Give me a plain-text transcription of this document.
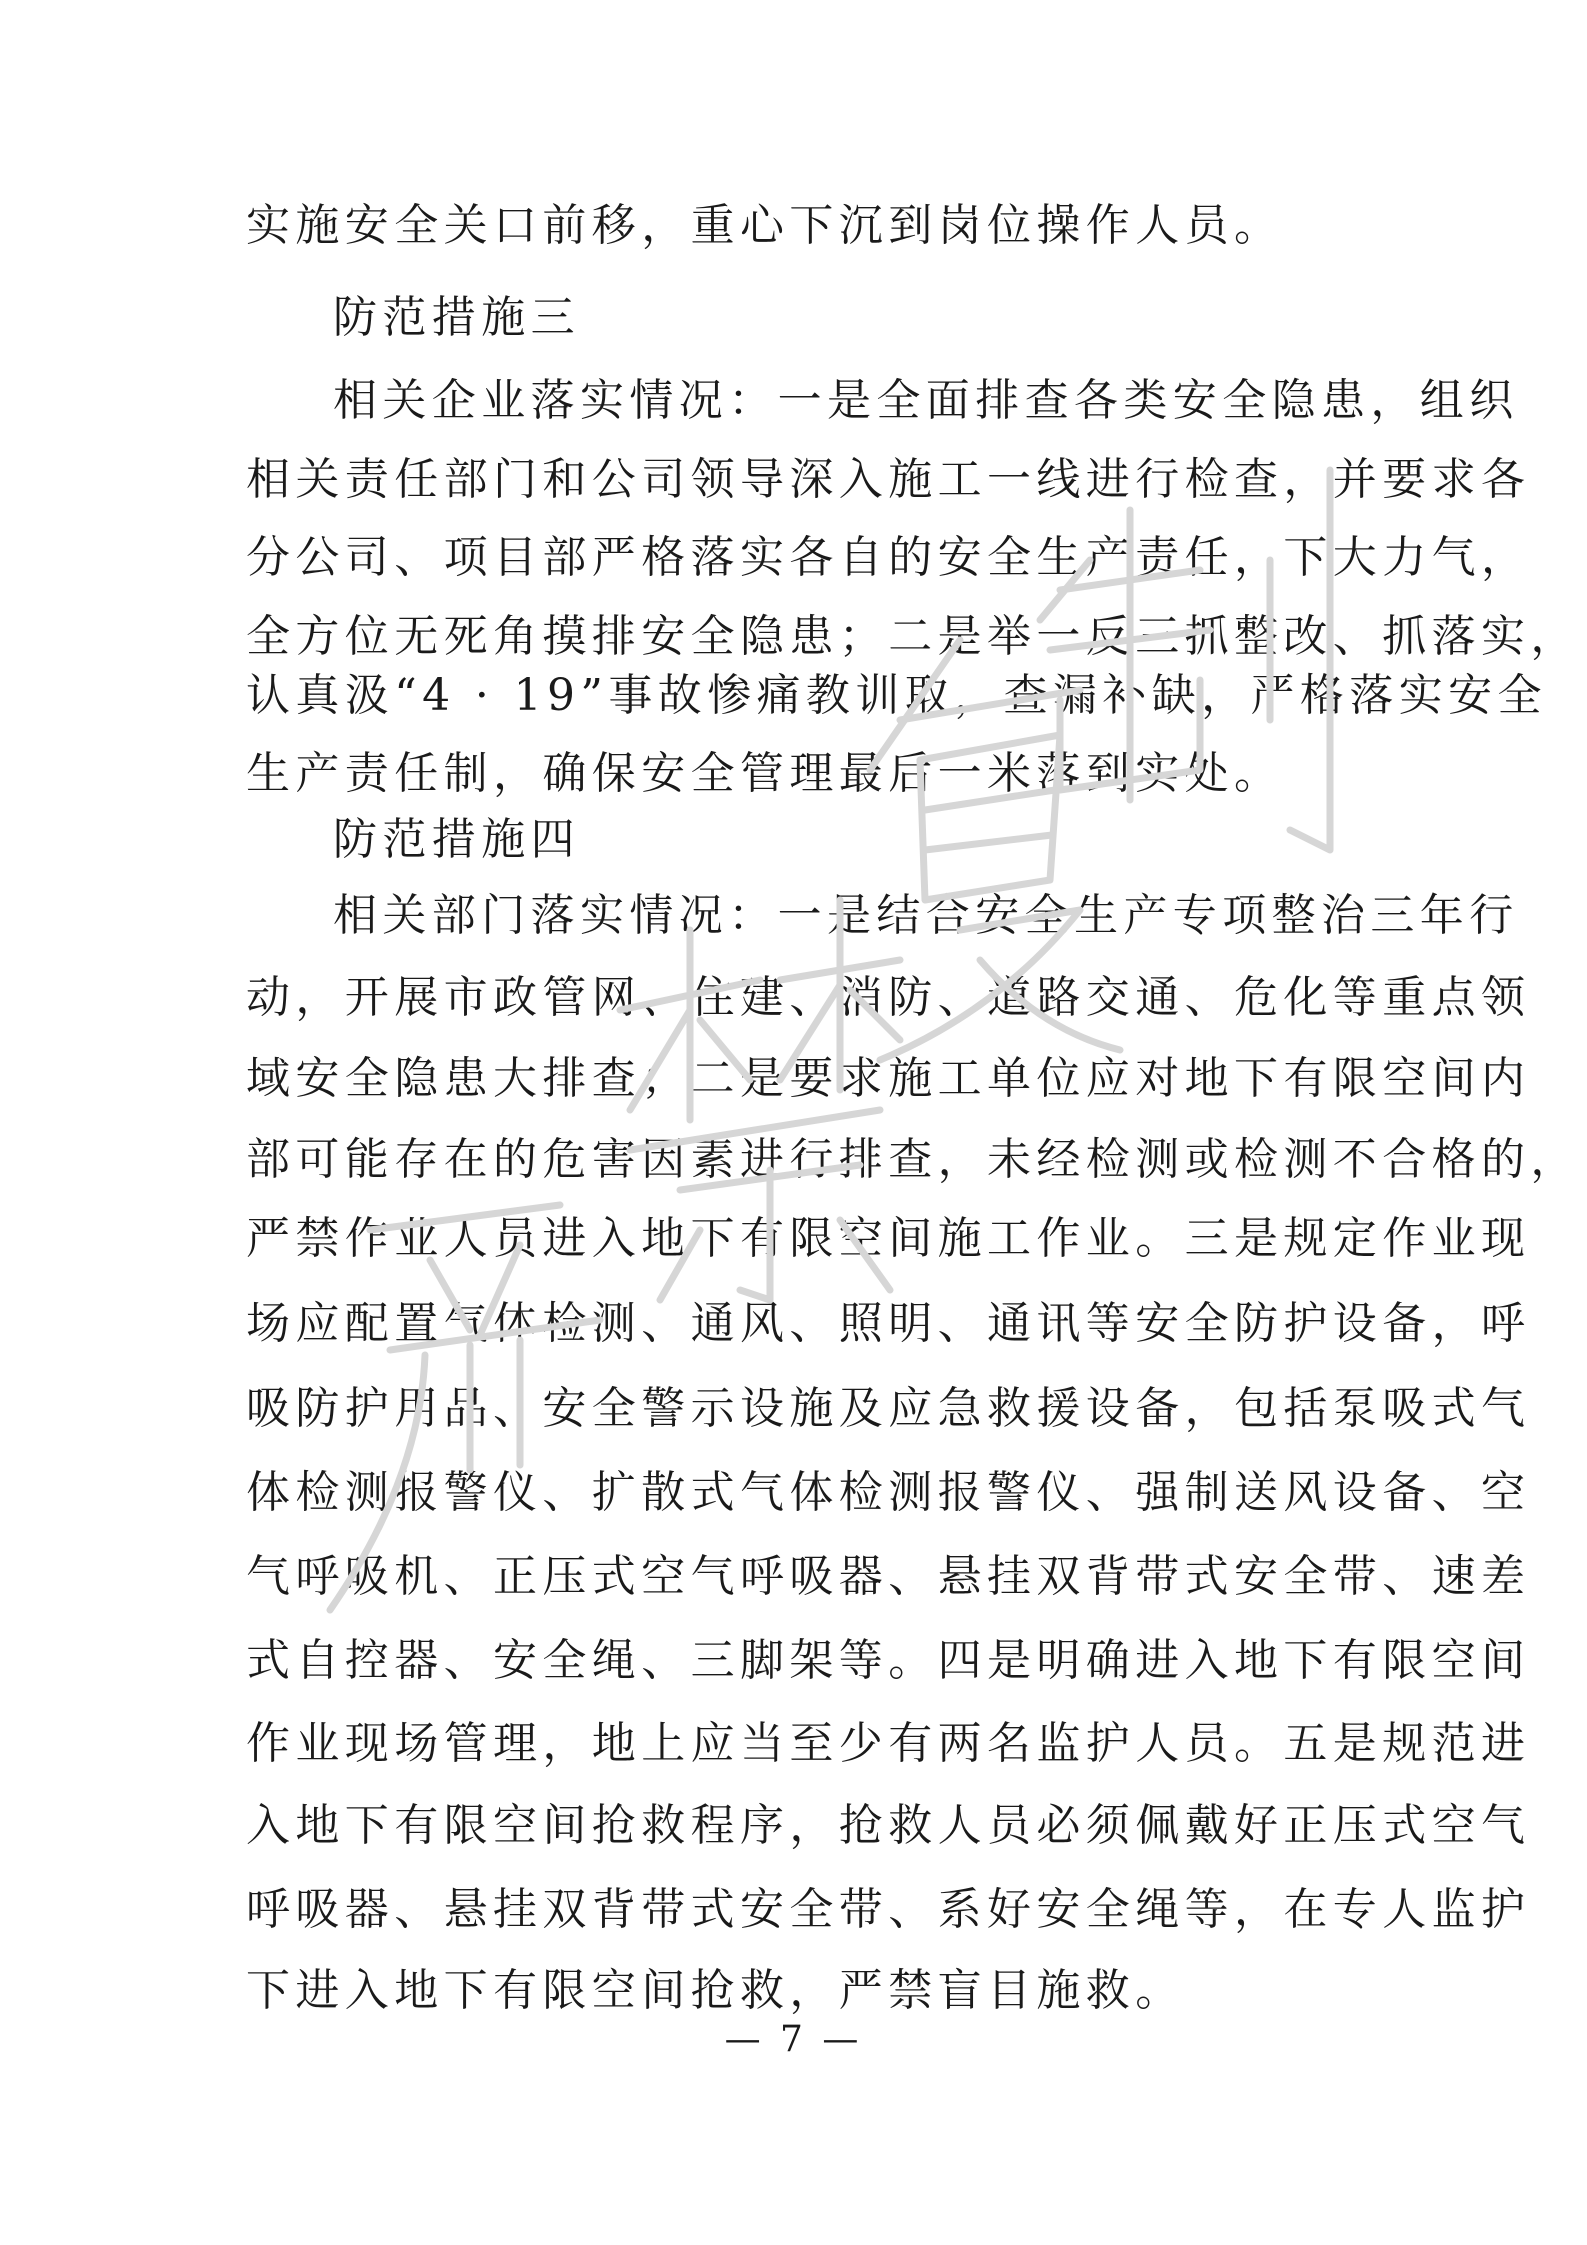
实施安全关口前移，重心下沉到岗位操作人员。
防范措施三
相关企业落实情况：一是全面排查各类安全隐患，组织
相关责任部门和公司领导深入施工一线进行检查，并要求各
分公司、项目部严格落实各自的安全生产责任，下大力气，
全方位无死角摸排安全隐患；二是举一反三抓整改、抓落实，
认真汲“4 · 19”事故惨痛教训取，查漏补缺，严格落实安全
生产责任制，确保安全管理最后一米落到实处。
防范措施四
相关部门落实情况：一是结合安全生产专项整治三年行
动，开展市政管网、住建、消防、道路交通、危化等重点领
域安全隐患大排查；二是要求施工单位应对地下有限空间内
部可能存在的危害因素进行排查，未经检测或检测不合格的，
严禁作业人员进入地下有限空间施工作业。三是规定作业现
场应配置气体检测、通风、照明、通讯等安全防护设备，呼
吸防护用品、安全警示设施及应急救援设备，包括泵吸式气
体检测报警仪、扩散式气体检测报警仪、强制送风设备、空
气呼吸机、正压式空气呼吸器、悬挂双背带式安全带、速差
式自控器、安全绳、三脚架等。四是明确进入地下有限空间
作业现场管理，地上应当至少有两名监护人员。五是规范进
入地下有限空间抢救程序，抢救人员必须佩戴好正压式空气
呼吸器、悬挂双背带式安全带、系好安全绳等，在专人监护
下进入地下有限空间抢救，严禁盲目施救。
— 7 —
